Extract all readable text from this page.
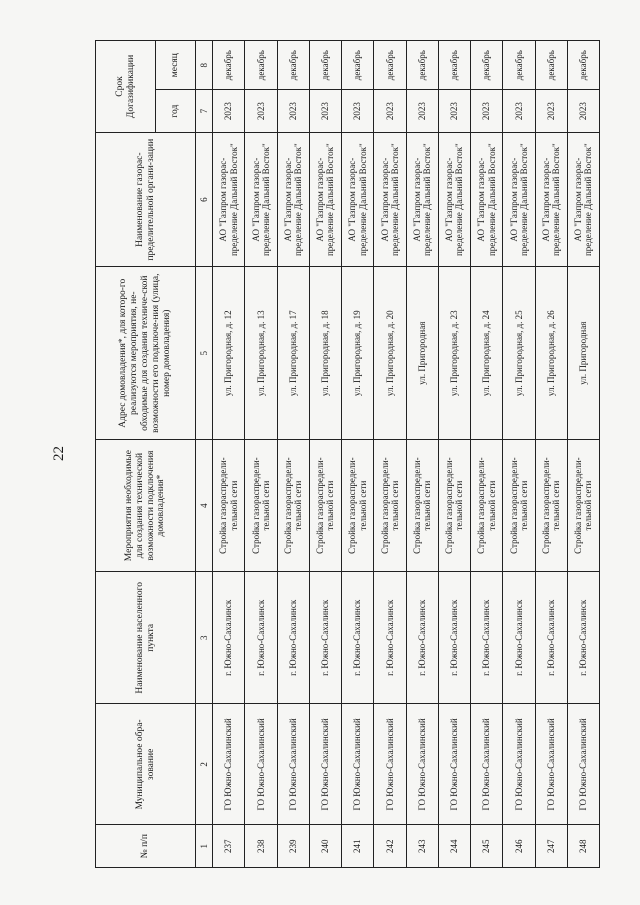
22
№ п/п	Муниципальное обра-зование	Наименование населенного пункта	Мероприятия необходимые для создания технической возможности подключения домовладения*	Адрес домовладения*, для которо-го реализуются мероприятия, не-обходимые для создания техниче-ской возможности его подключе-ния (улица, номер домовладения)	Наименование газорас-пределительной органи-зации	Срок Догазификации	
						год	месяц
1	2	3	4	5	6	7	8
237	ГО Южно-Сахалинский	г. Южно-Сахалинск	Стройка газораспредели-тельной сети	ул. Пригородная, д. 12	АО "Газпром газорас-пределение Дальний Восток"	2023	декабрь
238	ГО Южно-Сахалинский	г. Южно-Сахалинск	Стройка газораспредели-тельной сети	ул. Пригородная, д. 13	АО "Газпром газорас-пределение Дальний Восток"	2023	декабрь
239	ГО Южно-Сахалинский	г. Южно-Сахалинск	Стройка газораспредели-тельной сети	ул. Пригородная, д. 17	АО "Газпром газорас-пределение Дальний Восток"	2023	декабрь
240	ГО Южно-Сахалинский	г. Южно-Сахалинск	Стройка газораспредели-тельной сети	ул. Пригородная, д. 18	АО "Газпром газорас-пределение Дальний Восток"	2023	декабрь
241	ГО Южно-Сахалинский	г. Южно-Сахалинск	Стройка газораспредели-тельной сети	ул. Пригородная, д. 19	АО "Газпром газорас-пределение Дальний Восток"	2023	декабрь
242	ГО Южно-Сахалинский	г. Южно-Сахалинск	Стройка газораспредели-тельной сети	ул. Пригородная, д. 20	АО "Газпром газорас-пределение Дальний Восток"	2023	декабрь
243	ГО Южно-Сахалинский	г. Южно-Сахалинск	Стройка газораспредели-тельной сети	ул. Пригородная	АО "Газпром газорас-пределение Дальний Восток"	2023	декабрь
244	ГО Южно-Сахалинский	г. Южно-Сахалинск	Стройка газораспредели-тельной сети	ул. Пригородная, д. 23	АО "Газпром газорас-пределение Дальний Восток"	2023	декабрь
245	ГО Южно-Сахалинский	г. Южно-Сахалинск	Стройка газораспредели-тельной сети	ул. Пригородная, д. 24	АО "Газпром газорас-пределение Дальний Восток"	2023	декабрь
246	ГО Южно-Сахалинский	г. Южно-Сахалинск	Стройка газораспредели-тельной сети	ул. Пригородная, д. 25	АО "Газпром газорас-пределение Дальний Восток"	2023	декабрь
247	ГО Южно-Сахалинский	г. Южно-Сахалинск	Стройка газораспредели-тельной сети	ул. Пригородная, д. 26	АО "Газпром газорас-пределение Дальний Восток"	2023	декабрь
248	ГО Южно-Сахалинский	г. Южно-Сахалинск	Стройка газораспредели-тельной сети	ул. Пригородная	АО "Газпром газорас-пределение Дальний Восток"	2023	декабрь
